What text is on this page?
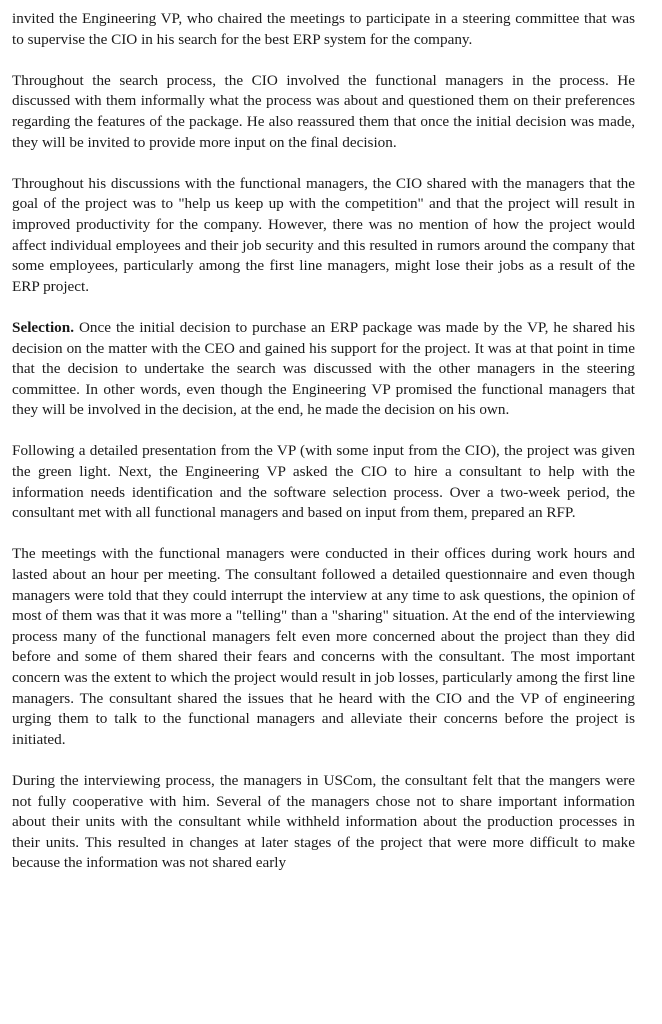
invited the Engineering VP, who chaired the meetings to participate in a steering committee that was to supervise the CIO in his search for the best ERP system for the company.

Throughout the search process, the CIO involved the functional managers in the process. He discussed with them informally what the process was about and questioned them on their preferences regarding the features of the package. He also reassured them that once the initial decision was made, they will be invited to provide more input on the final decision.

Throughout his discussions with the functional managers, the CIO shared with the managers that the goal of the project was to "help us keep up with the competition" and that the project will result in improved productivity for the company. However, there was no mention of how the project would affect individual employees and their job security and this resulted in rumors around the company that some employees, particularly among the first line managers, might lose their jobs as a result of the ERP project.

Selection. Once the initial decision to purchase an ERP package was made by the VP, he shared his decision on the matter with the CEO and gained his support for the project. It was at that point in time that the decision to undertake the search was discussed with the other managers in the steering committee. In other words, even though the Engineering VP promised the functional managers that they will be involved in the decision, at the end, he made the decision on his own.

Following a detailed presentation from the VP (with some input from the CIO), the project was given the green light. Next, the Engineering VP asked the CIO to hire a consultant to help with the information needs identification and the software selection process. Over a two-week period, the consultant met with all functional managers and based on input from them, prepared an RFP.

The meetings with the functional managers were conducted in their offices during work hours and lasted about an hour per meeting. The consultant followed a detailed questionnaire and even though managers were told that they could interrupt the interview at any time to ask questions, the opinion of most of them was that it was more a "telling" than a "sharing" situation. At the end of the interviewing process many of the functional managers felt even more concerned about the project than they did before and some of them shared their fears and concerns with the consultant. The most important concern was the extent to which the project would result in job losses, particularly among the first line managers. The consultant shared the issues that he heard with the CIO and the VP of engineering urging them to talk to the functional managers and alleviate their concerns before the project is initiated.

During the interviewing process, the managers in USCom, the consultant felt that the mangers were not fully cooperative with him. Several of the managers chose not to share important information about their units with the consultant while withheld information about the production processes in their units. This resulted in changes at later stages of the project that were more difficult to make because the information was not shared early
